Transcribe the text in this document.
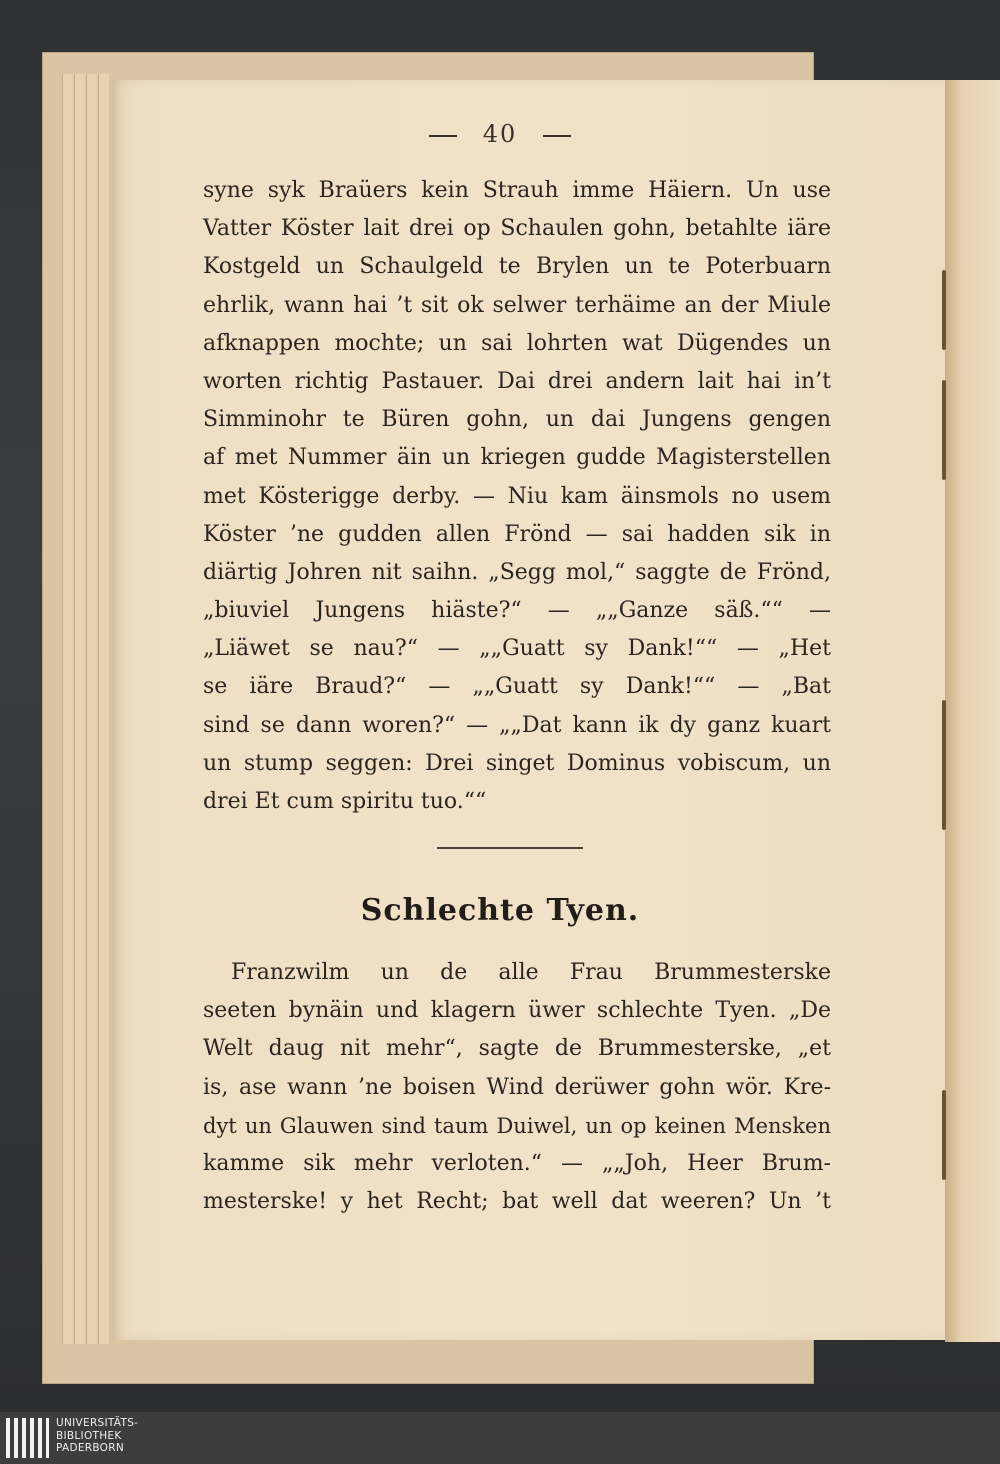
40
syne syk Braüers kein Strauh imme Häiern. Un use
Vatter Köster lait drei op Schaulen gohn, betahlte iäre
Kostgeld un Schaulgeld te Brylen un te Poterbuarn
ehrlik, wann hai ’t sit ok selwer terhäime an der Miule
afknappen mochte; un sai lohrten wat Dügendes un
worten richtig Pastauer. Dai drei andern lait hai in’t
Simminohr te Büren gohn, un dai Jungens gengen
af met Nummer äin un kriegen gudde Magisterstellen
met Kösterigge derby. — Niu kam äinsmols no usem
Köster ’ne gudden allen Frönd — sai hadden sik in
diärtig Johren nit saihn. „Segg mol,“ saggte de Frönd,
„biuviel Jungens hiäste?“ — „„Ganze säß.““ —
„Liäwet se nau?“ — „„Guatt sy Dank!““ — „Het
se iäre Braud?“ — „„Guatt sy Dank!““ — „Bat
sind se dann woren?“ — „„Dat kann ik dy ganz kuart
un stump seggen: Drei singet Dominus vobiscum, un
drei Et cum spiritu tuo.““
Schlechte Tyen.
Franzwilm un de alle Frau Brummesterske
seeten bynäin und klagern üwer schlechte Tyen. „De
Welt daug nit mehr“, sagte de Brummesterske, „et
is, ase wann ’ne boisen Wind derüwer gohn wör. Kre-
dyt un Glauwen sind taum Duiwel, un op keinen Mensken
kamme sik mehr verloten.“ — „„Joh, Heer Brum-
mesterske! y het Recht; bat well dat weeren? Un ’t
UNIVERSITÄTS-
BIBLIOTHEK
PADERBORN
